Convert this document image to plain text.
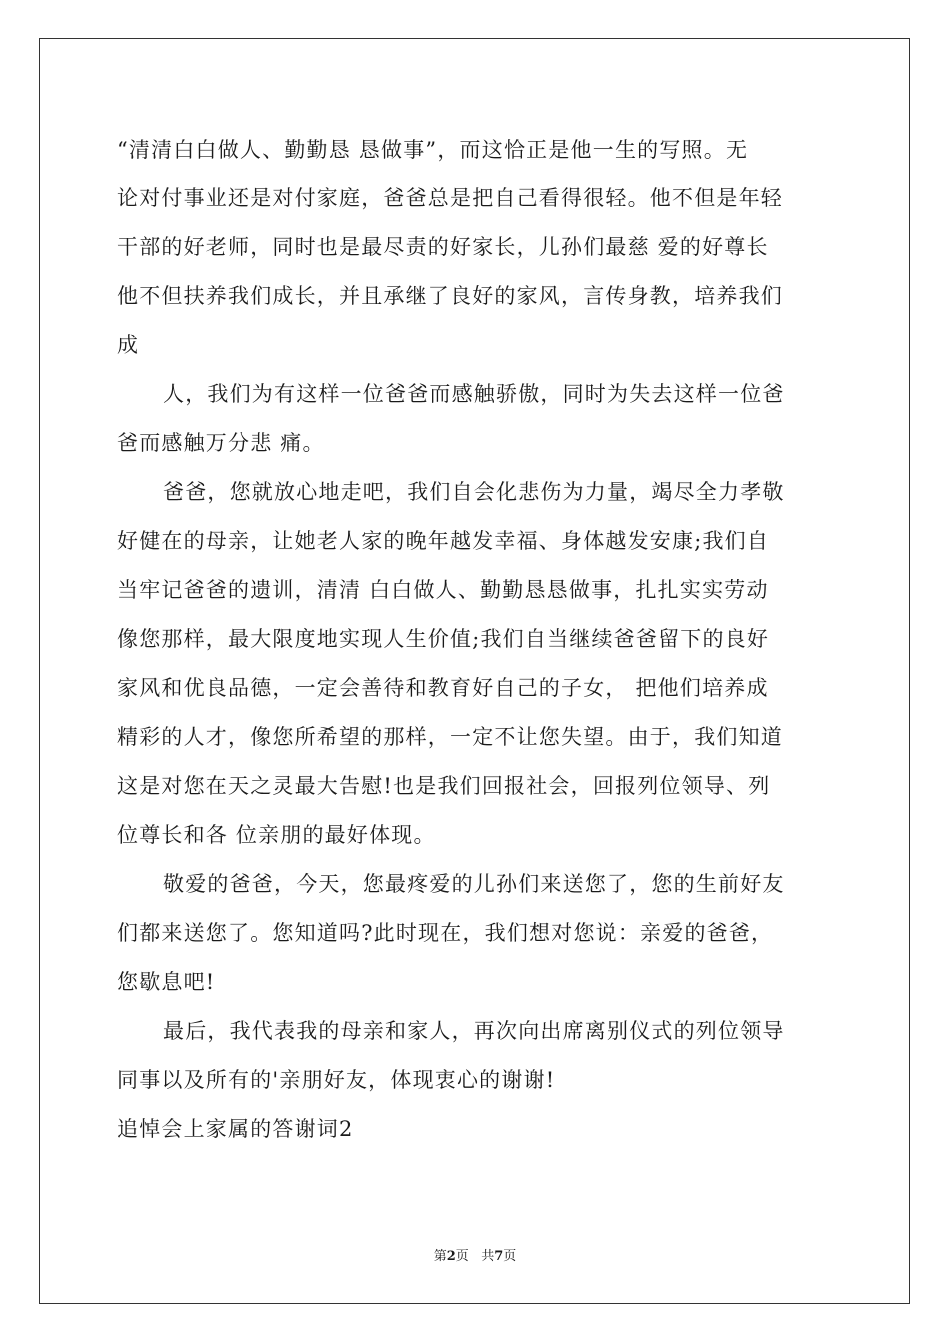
“清清白白做人、勤勤恳 恳做事”，而这恰正是他一生的写照。无
论对付事业还是对付家庭，爸爸总是把自己看得很轻。他不但是年轻
干部的好老师，同时也是最尽责的好家长，儿孙们最慈 爱的好尊长
他不但扶养我们成长，并且承继了良好的家风，言传身教，培养我们
成
人，我们为有这样一位爸爸而感触骄傲，同时为失去这样一位爸
爸而感触万分悲 痛。
爸爸，您就放心地走吧，我们自会化悲伤为力量，竭尽全力孝敬
好健在的母亲，让她老人家的晚年越发幸福、身体越发安康;我们自
当牢记爸爸的遗训，清清 白白做人、勤勤恳恳做事，扎扎实实劳动
像您那样，最大限度地实现人生价值;我们自当继续爸爸留下的良好
家风和优良品德，一定会善待和教育好自己的子女， 把他们培养成
精彩的人才，像您所希望的那样，一定不让您失望。由于，我们知道
这是对您在天之灵最大告慰!也是我们回报社会，回报列位领导、列
位尊长和各 位亲朋的最好体现。
敬爱的爸爸，今天，您最疼爱的儿孙们来送您了，您的生前好友
们都来送您了。您知道吗?此时现在，我们想对您说：亲爱的爸爸，
您歇息吧!
最后，我代表我的母亲和家人，再次向出席离别仪式的列位领导
同事以及所有的'亲朋好友，体现衷心的谢谢!
追悼会上家属的答谢词2
第2页   共7页
